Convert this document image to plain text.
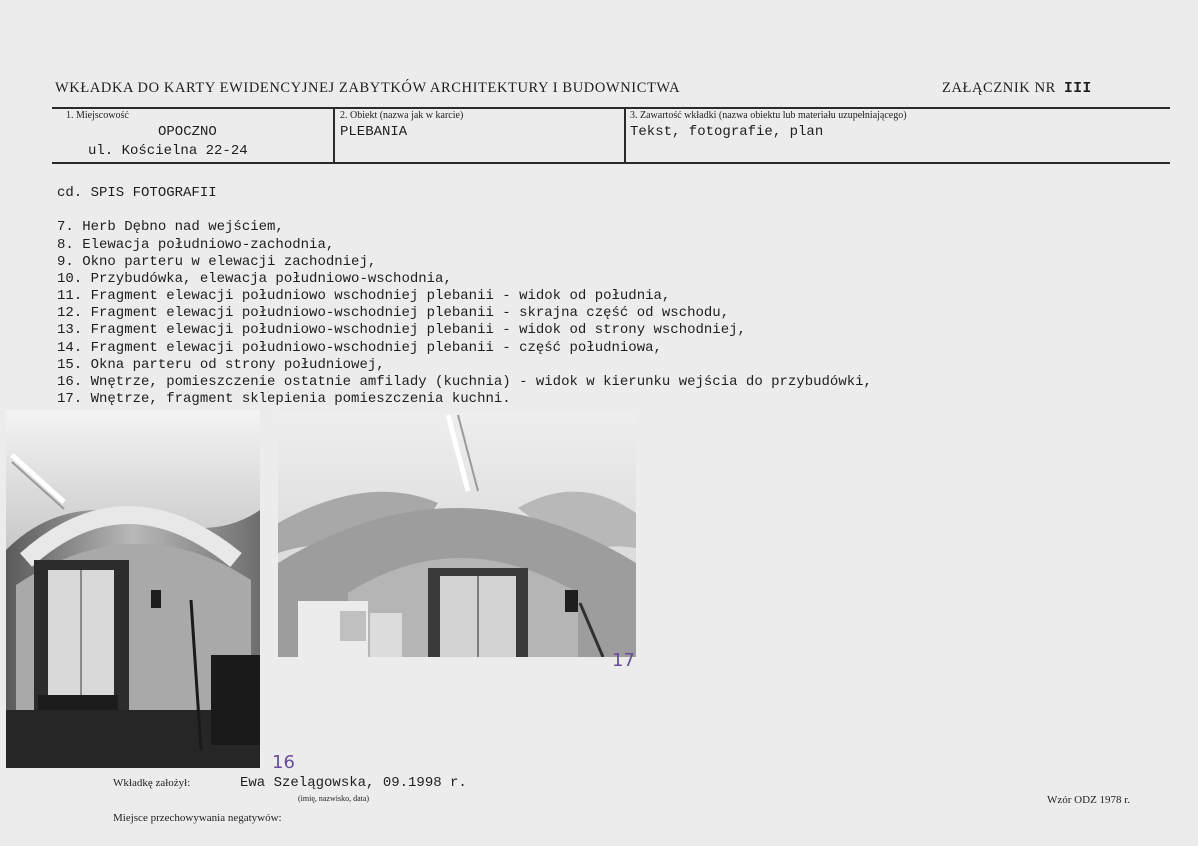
WKŁADKA DO KARTY EWIDENCYJNEJ ZABYTKÓW ARCHITEKTURY I BUDOWNICTWA	ZAŁĄCZNIK NR III
1. Miejscowość
OPOCZNO
ul. Kościelna 22-24
2. Obiekt (nazwa jak w karcie)
PLEBANIA
3. Zawartość wkładki (nazwa obiektu lub materiału uzupełniającego)
Tekst, fotografie, plan
cd. SPIS FOTOGRAFII
7. Herb Dębno nad wejściem,
8. Elewacja południowo-zachodnia,
9. Okno parteru w elewacji zachodniej,
10. Przybudówka, elewacja południowo-wschodnia,
11. Fragment elewacji południowo wschodniej plebanii - widok od południa,
12. Fragment elewacji południowo-wschodniej plebanii - skrajna część od wschodu,
13. Fragment elewacji południowo-wschodniej plebanii - widok od strony wschodniej,
14. Fragment elewacji południowo-wschodniej plebanii - część południowa,
15. Okna parteru od strony południowej,
16. Wnętrze, pomieszczenie ostatnie amfilady (kuchnia) - widok w kierunku wejścia do przybudówki,
17. Wnętrze, fragment sklepienia pomieszczenia kuchni.
17
16
Wkładkę założył:	Ewa Szelągowska, 09.1998 r.
(imię, nazwisko, data)
Miejsce przechowywania negatywów:
Wzór ODZ 1978 r.
